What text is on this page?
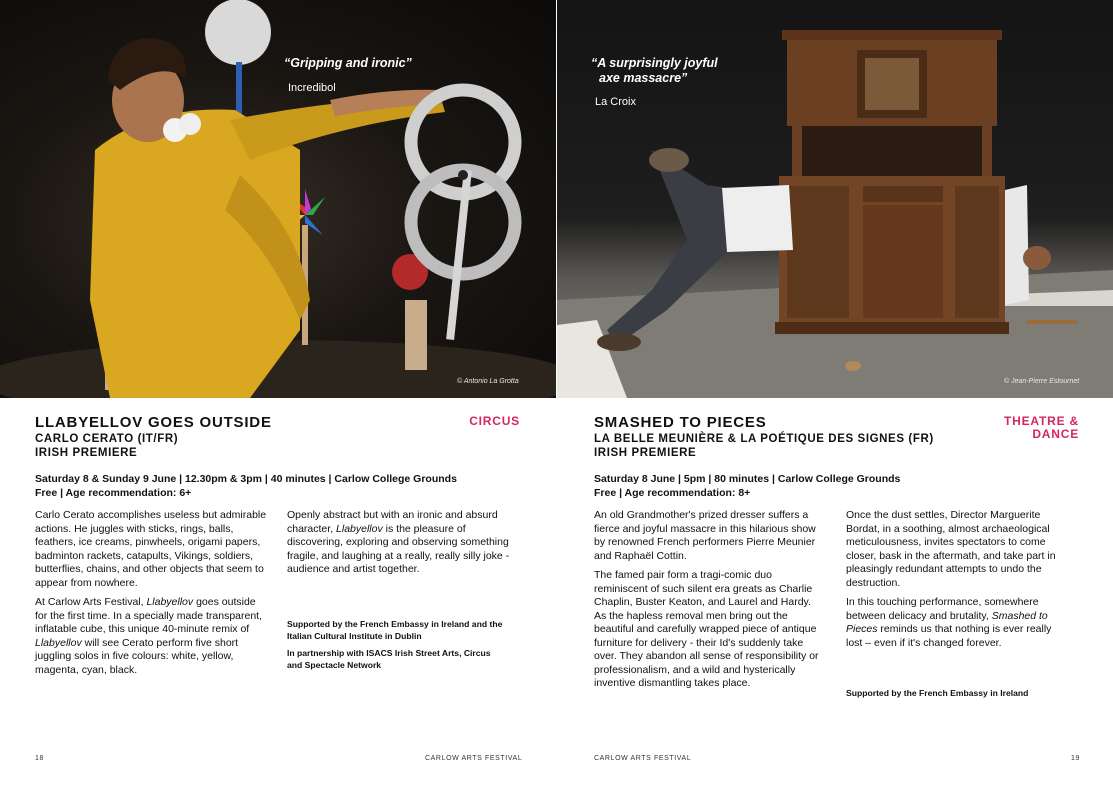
“Gripping and ironic”
Incredibol
© Antonio La Grotta
LLABYELLOV GOES OUTSIDE
CARLO CERATO (IT/FR)
IRISH PREMIERE
CIRCUS
Saturday 8 & Sunday 9 June | 12.30pm & 3pm | 40 minutes | Carlow College Grounds
Free | Age recommendation: 6+

Carlo Cerato accomplishes useless but admirable actions. He juggles with sticks, rings, balls, feathers, ice creams, pinwheels, origami papers, badminton rackets, catapults, Vikings, soldiers, butterflies, chains, and other objects that seem to appear from nowhere.

At Carlow Arts Festival, Llabyellov goes outside for the first time. In a specially made transparent, inflatable cube, this unique 40-minute remix of Llabyellov will see Cerato perform five short juggling solos in five colours: white, yellow, magenta, cyan, black.

Openly abstract but with an ironic and absurd character, Llabyellov is the pleasure of discovering, exploring and observing something fragile, and laughing at a really, really silly joke - audience and artist together.

Supported by the French Embassy in Ireland and the Italian Cultural Institute in Dublin

In partnership with ISACS Irish Street Arts, Circus and Spectacle Network

18	CARLOW ARTS FESTIVAL
“A surprisingly joyful
axe massacre”
La Croix
© Jean-Pierre Estournet
SMASHED TO PIECES
LA BELLE MEUNIÈRE & LA POÉTIQUE DES SIGNES (FR)
IRISH PREMIERE
THEATRE &
DANCE
Saturday 8 June | 5pm | 80 minutes | Carlow College Grounds
Free | Age recommendation: 8+

An old Grandmother's prized dresser suffers a fierce and joyful massacre in this hilarious show by renowned French performers Pierre Meunier and Raphaël Cottin.

The famed pair form a tragi-comic duo reminiscent of such silent era greats as Charlie Chaplin, Buster Keaton, and Laurel and Hardy. As the hapless removal men bring out the beautiful and carefully wrapped piece of antique furniture for delivery - their Id's suddenly take over. They abandon all sense of responsibility or professionalism, and a wild and hysterically inventive dismantling takes place.

Once the dust settles, Director Marguerite Bordat, in a soothing, almost archaeological meticulousness, invites spectators to come closer, bask in the aftermath, and take part in pleasingly redundant attempts to undo the destruction.

In this touching performance, somewhere between delicacy and brutality, Smashed to Pieces reminds us that nothing is ever really lost – even if it's changed forever.

Supported by the French Embassy in Ireland

CARLOW ARTS FESTIVAL	19
